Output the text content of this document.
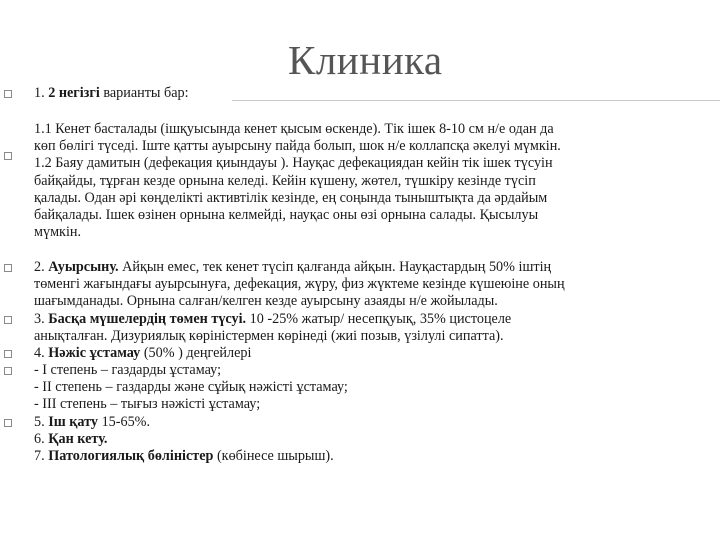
Клиника

1. 2 негізгі варианты бар:

1.1 Кенет басталады (ішқуысында кенет қысым өскенде). Тік ішек 8-10 см н/е одан да
көп бөлігі түседі. Іште қатты ауырсыну пайда болып, шок н/е коллапсқа әкелуі мүмкін.
1.2 Баяу дамитын (дефекация қиындауы ). Науқас дефекациядан кейін тік ішек түсуін
байқайды, тұрған кезде орнына келеді. Кейін күшену, жөтел, түшкіру кезінде түсіп
қалады. Одан әрі көңделікті активтілік кезінде, ең соңында тыныштықта да әрдайым
байқалады. Ішек өзінен орнына келмейді, науқас оны өзі орнына салады. Қысылуы
мүмкін.

2. Ауырсыну. Айқын емес, тек кенет түсіп қалғанда айқын. Науқастардың 50% іштің
төменгі жағындағы ауырсынуға, дефекация, жүру, физ жүктеме кезінде күшеюіне оның
шағымданады. Орнына салған/келген кезде ауырсыну азаяды н/е жойылады.

3. Басқа мүшелердің төмен түсуі. 10 -25% жатыр/ несепқуық, 35% цистоцеле
анықталған. Дизуриялық көріністермен көрінеді (жиі позыв, үзілулі сипатта).

4. Нәжіс ұстамау (50% ) деңгейлері

- І степень – газдарды ұстамау;
- ІІ степень – газдарды және сұйық нәжісті ұстамау;
- ІІІ степень – тығыз нәжісті ұстамау;

5. Іш қату 15-65%.
6. Қан кету.
7. Патологиялық бөліністер (көбінесе шырыш).
